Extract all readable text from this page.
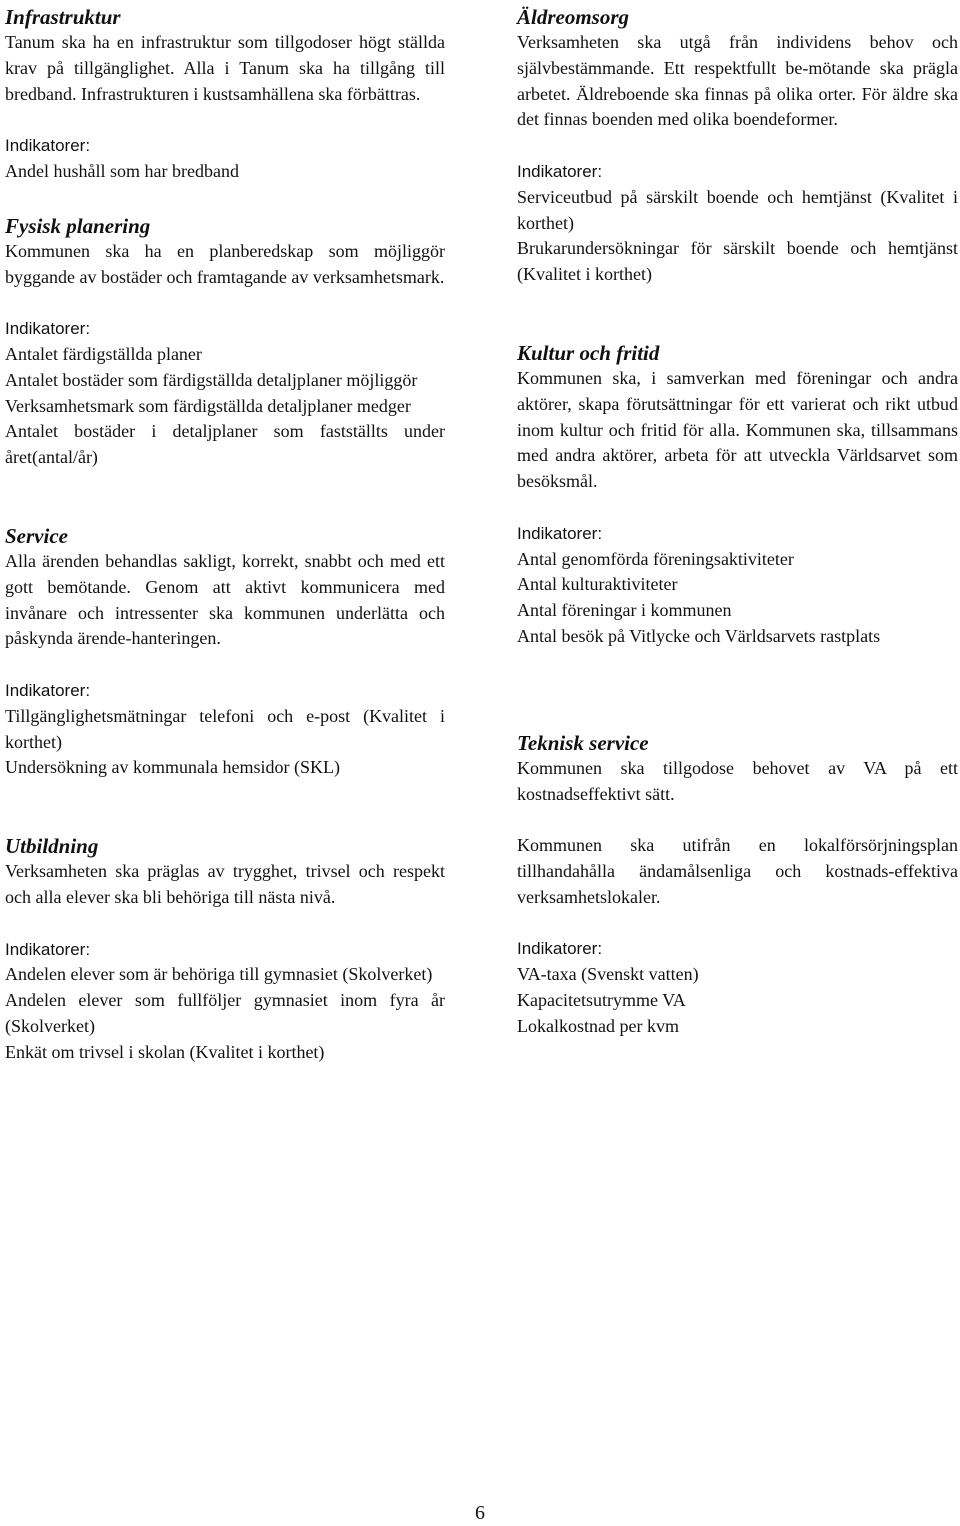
Infrastruktur

Tanum ska ha en infrastruktur som tillgodoser högt ställda krav på tillgänglighet. Alla i Tanum ska ha tillgång till bredband. Infrastrukturen i kustsamhällena ska förbättras.

Indikatorer:

Andel hushåll som har bredband

Fysisk planering

Kommunen ska ha en planberedskap som möjliggör byggande av bostäder och framtagande av verksamhetsmark.

Indikatorer:

Antalet färdigställda planer

Antalet bostäder som färdigställda detaljplaner möjliggör

Verksamhetsmark som färdigställda detaljplaner medger

Antalet bostäder i detaljplaner som fastställts under året(antal/år)

Service

Alla ärenden behandlas sakligt, korrekt, snabbt och med ett gott bemötande. Genom att aktivt kommunicera med invånare och intressenter ska kommunen underlätta och påskynda ärende-hanteringen.

Indikatorer:

Tillgänglighetsmätningar telefoni och e-post (Kvalitet i korthet)

Undersökning av kommunala hemsidor (SKL)

Utbildning

Verksamheten ska präglas av trygghet, trivsel och respekt och alla elever ska bli behöriga till nästa nivå.

Indikatorer:

Andelen elever som är behöriga till gymnasiet (Skolverket)

Andelen elever som fullföljer gymnasiet inom fyra år (Skolverket)

Enkät om trivsel i skolan (Kvalitet i korthet)

Äldreomsorg

Verksamheten ska utgå från individens behov och självbestämmande. Ett respektfullt be-mötande ska prägla arbetet. Äldreboende ska finnas på olika orter. För äldre ska det finnas boenden med olika boendeformer.

Indikatorer:

Serviceutbud på särskilt boende och hemtjänst (Kvalitet i korthet)

Brukarundersökningar för särskilt boende och hemtjänst (Kvalitet i korthet)

Kultur och fritid

Kommunen ska, i samverkan med föreningar och andra aktörer, skapa förutsättningar för ett varierat och rikt utbud inom kultur och fritid för alla. Kommunen ska, tillsammans med andra aktörer, arbeta för att utveckla Världsarvet som besöksmål.

Indikatorer:

Antal genomförda föreningsaktiviteter

Antal kulturaktiviteter

Antal föreningar i kommunen

Antal besök på Vitlycke och Världsarvets rastplats

Teknisk service

Kommunen ska tillgodose behovet av VA på ett kostnadseffektivt sätt.

Kommunen ska utifrån en lokalförsörjningsplan tillhandahålla ändamålsenliga och kostnads-effektiva verksamhetslokaler.

Indikatorer:

VA-taxa (Svenskt vatten)

Kapacitetsutrymme VA

Lokalkostnad per kvm

6
